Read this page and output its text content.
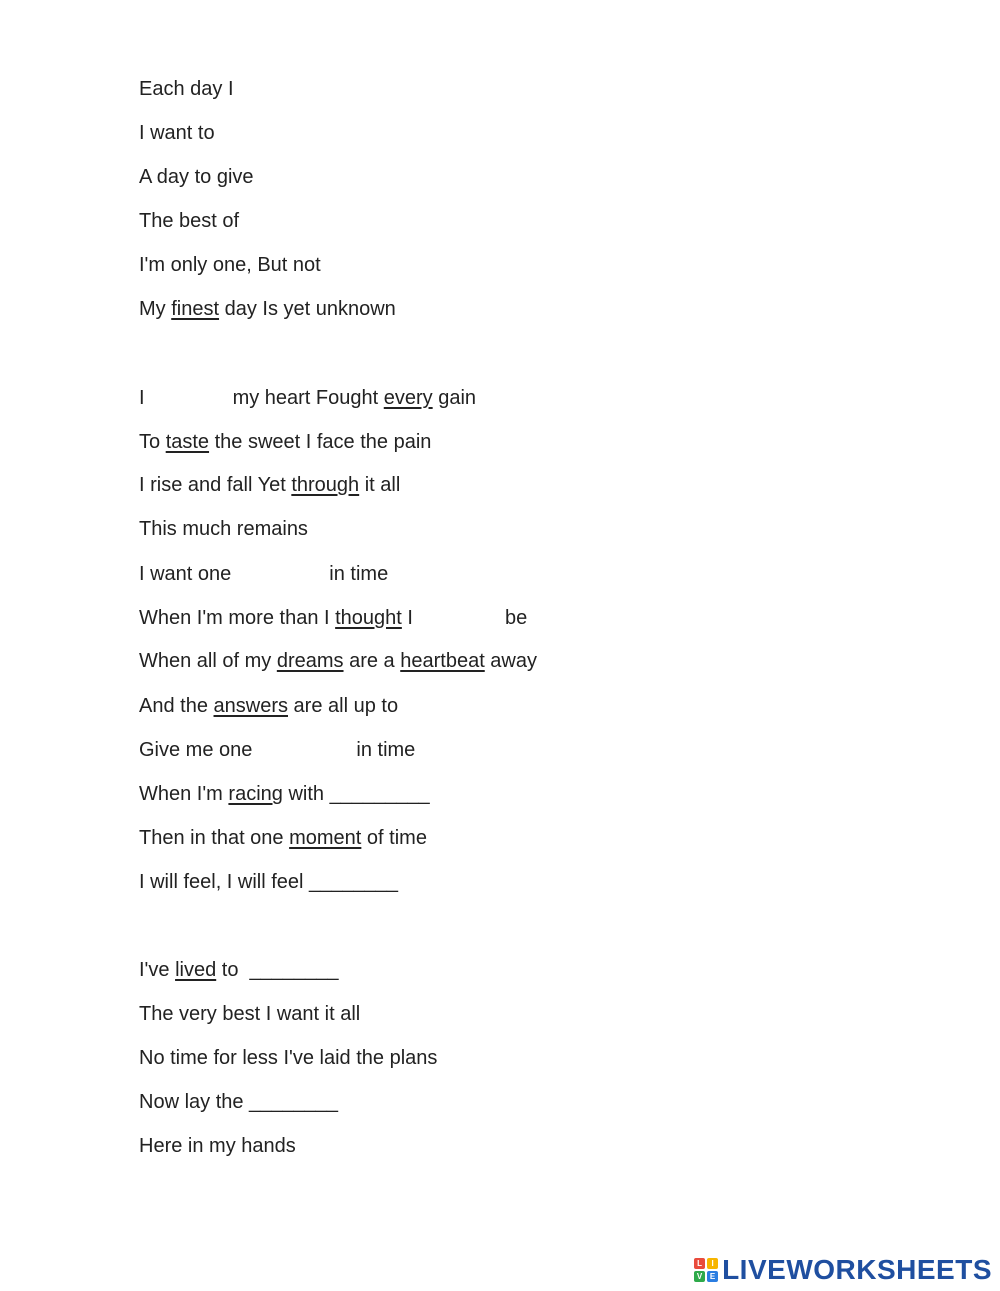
Each day I
I want to
A day to give
The best of
I'm only one, But not
My finest day Is yet unknown
I	my heart Fought every gain
To taste the sweet I face the pain
I rise and fall Yet through it all
This much remains
I want one	in time
When I'm more than I thought I	be
When all of my dreams are a heartbeat away
And the answers are all up to
Give me one	in time
When I'm racing with _________
Then in that one moment of time
I will feel, I will feel ________
I've lived to  ________
The very best I want it all
No time for less I've laid the plans
Now lay the ________
Here in my hands
L	I
V E LIVEWORKSHEETS
